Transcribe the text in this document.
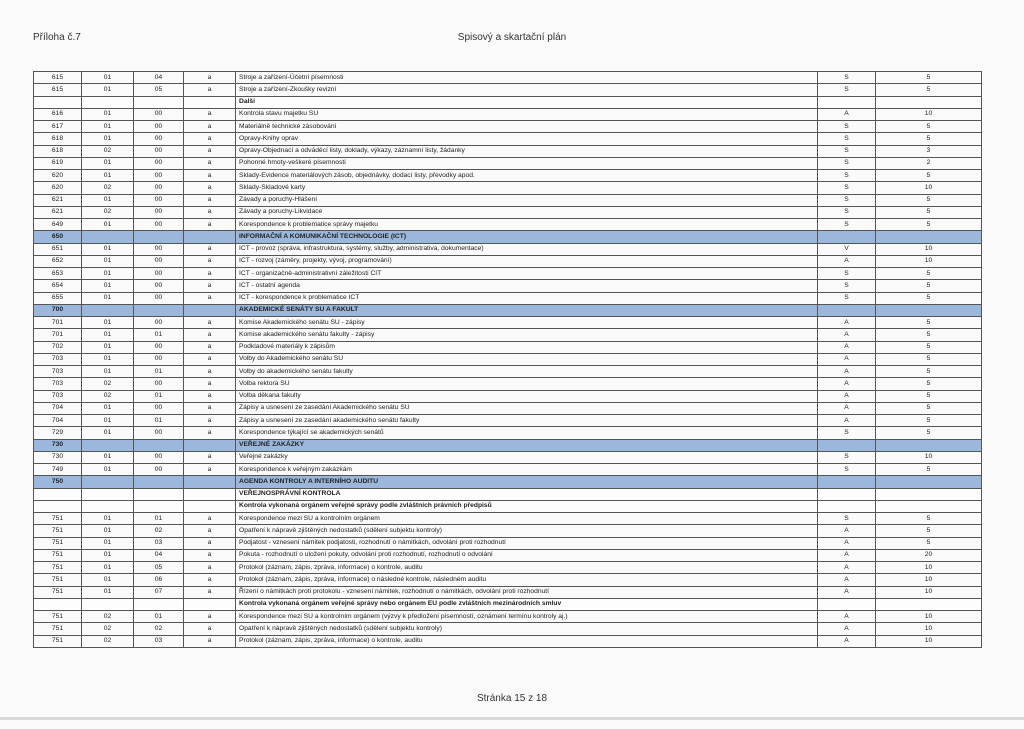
Příloha č.7	Spisový a skartační plán
615	01	04	a	Stroje a zařízení-Účetní písemnosti	S	5
615	01	05	a	Stroje a zařízení-Zkoušky revizní	S	5
				Další		
616	01	00	a	Kontrola stavu majetku SU	A	10
617	01	00	a	Materiálně technické zásobování	S	5
618	01	00	a	Opravy-Knihy oprav	S	5
618	02	00	a	Opravy-Objednací a odváděcí listy, doklady, výkazy, záznamní listy, žádanky	S	3
619	01	00	a	Pohonné hmoty-veškeré písemnosti	S	2
620	01	00	a	Sklady-Evidence materiálových zásob, objednávky, dodací listy, převodky apod.	S	5
620	02	00	a	Sklady-Skladové karty	S	10
621	01	00	a	Závady a poruchy-Hlášení	S	5
621	02	00	a	Závady a poruchy-Likvidace	S	5
649	01	00	a	Korespondence k problematice správy majetku	S	5
650				INFORMAČNÍ A KOMUNIKAČNÍ TECHNOLOGIE (ICT)		
651	01	00	a	ICT - provoz (správa, infrastruktura, systémy, služby, administrativa, dokumentace)	V	10
652	01	00	a	ICT - rozvoj (záměry, projekty, vývoj, programování)	A	10
653	01	00	a	ICT - organizačně-administrativní záležitosti CIT	S	5
654	01	00	a	ICT - ostatní agenda	S	5
655	01	00	a	ICT - korespondence k problematice ICT	S	5
700				AKADEMICKÉ SENÁTY SU A FAKULT		
701	01	00	a	Komise Akademického senátu SU - zápisy	A	5
701	01	01	a	Komise akademického senátu fakulty - zápisy	A	5
702	01	00	a	Podkladové materiály k zápisům	A	5
703	01	00	a	Volby do Akademického senátu SU	A	5
703	01	01	a	Volby do akademického senátu fakulty	A	5
703	02	00	a	Volba rektora SU	A	5
703	02	01	a	Volba děkana fakulty	A	5
704	01	00	a	Zápisy a usnesení ze zasedání Akademického senátu SU	A	5
704	01	01	a	Zápisy a usnesení ze zasedání akademického senátu fakulty	A	5
729	01	00	a	Korespondence týkající se akademických senátů	S	5
730				VEŘEJNÉ ZAKÁZKY		
730	01	00	a	Veřejné zakázky	S	10
749	01	00	a	Korespondence k veřejným zakázkám	S	5
750				AGENDA KONTROLY A INTERNÍHO AUDITU		
				VEŘEJNOSPRÁVNÍ KONTROLA		
				Kontrola vykonaná orgánem veřejné správy podle zvláštních právních předpisů		
751	01	01	a	Korespondence mezi SU a kontrolním orgánem	S	5
751	01	02	a	Opatření k nápravě zjištěných nedostatků (sdělení subjektu kontroly)	A	5
751	01	03	a	Podjatost - vznesení námitek podjatosti, rozhodnutí o námitkách, odvolání proti rozhodnutí	A	5
751	01	04	a	Pokuta - rozhodnutí o uložení pokuty, odvolání proti rozhodnutí, rozhodnutí o odvolání	A	20
751	01	05	a	Protokol (záznam, zápis, zpráva, informace) o kontrole, auditu	A	10
751	01	06	a	Protokol (záznam, zápis, zpráva, informace) o následné kontrole, následném auditu	A	10
751	01	07	a	Řízení o námitkách proti protokolu - vznesení námitek, rozhodnutí o námitkách, odvolání proti rozhodnutí	A	10
				Kontrola vykonaná orgánem veřejné správy nebo orgánem EU podle zvláštních mezinárodních smluv		
751	02	01	a	Korespondence mezi SU a kontrolním orgánem (výzvy k předložení písemností, oznámení termínu kontroly aj.)	A	10
751	02	02	a	Opatření k nápravě zjištěných nedostatků (sdělení subjektu kontroly)	A	10
751	02	03	a	Protokol (záznam, zápis, zpráva, informace) o kontrole, auditu	A	10
Stránka 15 z 18
